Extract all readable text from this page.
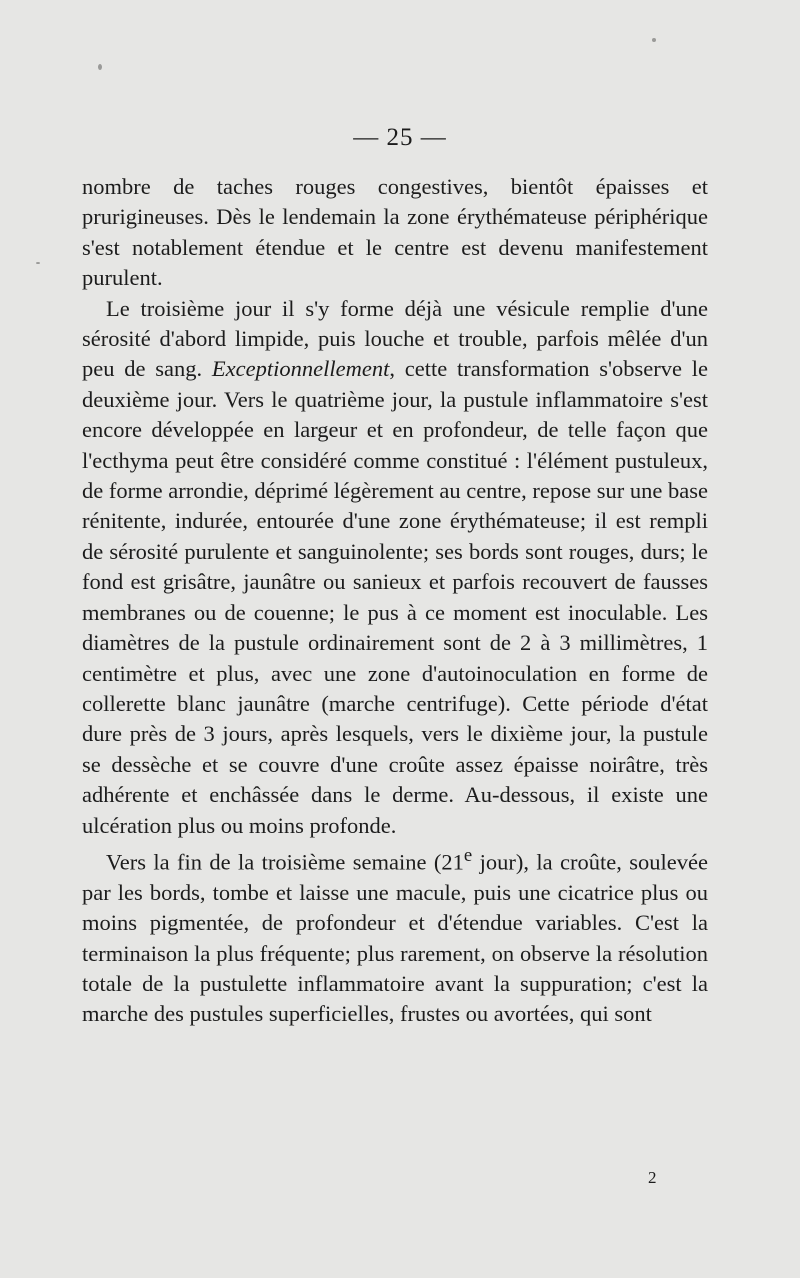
— 25 —

nombre de taches rouges congestives, bientôt épaisses et prurigineuses. Dès le lendemain la zone érythémateuse périphérique s'est notablement étendue et le centre est devenu manifestement purulent.

Le troisième jour il s'y forme déjà une vésicule remplie d'une sérosité d'abord limpide, puis louche et trouble, parfois mêlée d'un peu de sang. Exceptionnellement, cette transformation s'observe le deuxième jour. Vers le quatrième jour, la pustule inflammatoire s'est encore développée en largeur et en profondeur, de telle façon que l'ecthyma peut être considéré comme constitué : l'élément pustuleux, de forme arrondie, déprimé légèrement au centre, repose sur une base rénitente, indurée, entourée d'une zone érythémateuse; il est rempli de sérosité purulente et sanguinolente; ses bords sont rouges, durs; le fond est grisâtre, jaunâtre ou sanieux et parfois recouvert de fausses membranes ou de couenne; le pus à ce moment est inoculable. Les diamètres de la pustule ordinairement sont de 2 à 3 millimètres, 1 centimètre et plus, avec une zone d'autoinoculation en forme de collerette blanc jaunâtre (marche centrifuge). Cette période d'état dure près de 3 jours, après lesquels, vers le dixième jour, la pustule se dessèche et se couvre d'une croûte assez épaisse noirâtre, très adhérente et enchâssée dans le derme. Au-dessous, il existe une ulcération plus ou moins profonde.

Vers la fin de la troisième semaine (21e jour), la croûte, soulevée par les bords, tombe et laisse une macule, puis une cicatrice plus ou moins pigmentée, de profondeur et d'étendue variables. C'est la terminaison la plus fréquente; plus rarement, on observe la résolution totale de la pustulette inflammatoire avant la suppuration; c'est la marche des pustules superficielles, frustes ou avortées, qui sont

2
